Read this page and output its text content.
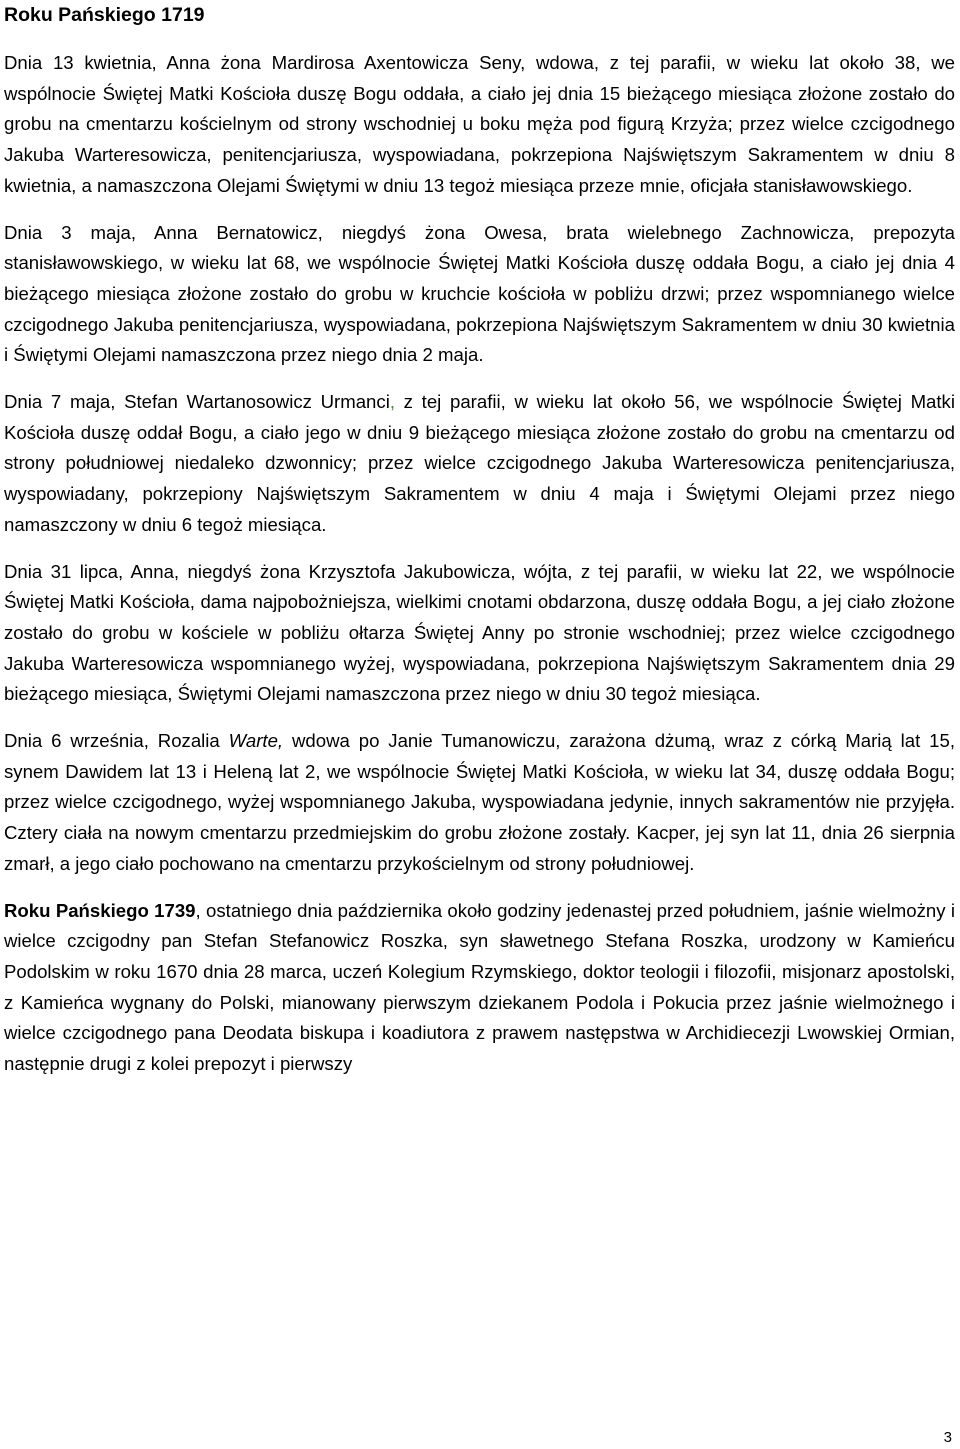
Roku Pańskiego 1719

Dnia 13 kwietnia, Anna żona Mardirosa Axentowicza Seny, wdowa, z tej parafii, w wieku lat około 38, we wspólnocie Świętej Matki Kościoła duszę Bogu oddała, a ciało jej dnia 15 bieżącego miesiąca złożone zostało do grobu na cmentarzu kościelnym od strony wschodniej u boku męża pod figurą Krzyża; przez wielce czcigodnego Jakuba Warteresowicza, penitencjariusza, wyspowiadana, pokrzepiona Najświętszym Sakramentem w dniu 8 kwietnia, a namaszczona Olejami Świętymi w dniu 13 tegoż miesiąca przeze mnie, oficjała stanisławowskiego.

Dnia 3 maja, Anna Bernatowicz, niegdyś żona Owesa, brata wielebnego Zachnowicza, prepozyta stanisławowskiego, w wieku lat 68, we wspólnocie Świętej Matki Kościoła duszę oddała Bogu, a ciało jej dnia 4 bieżącego miesiąca złożone zostało do grobu w kruchcie kościoła w pobliżu drzwi; przez wspomnianego wielce czcigodnego Jakuba penitencjariusza, wyspowiadana, pokrzepiona Najświętszym Sakramentem w dniu 30 kwietnia i Świętymi Olejami namaszczona przez niego dnia 2 maja.

Dnia 7 maja, Stefan Wartanosowicz Urmanci, z tej parafii, w wieku lat około 56, we wspólnocie Świętej Matki Kościoła duszę oddał Bogu, a ciało jego w dniu 9 bieżącego miesiąca złożone zostało do grobu na cmentarzu od strony południowej niedaleko dzwonnicy; przez wielce czcigodnego Jakuba Warteresowicza penitencjariusza, wyspowiadany, pokrzepiony Najświętszym Sakramentem w dniu 4 maja i Świętymi Olejami przez niego namaszczony w dniu 6 tegoż miesiąca.

Dnia 31 lipca, Anna, niegdyś żona Krzysztofa Jakubowicza, wójta, z tej parafii, w wieku lat 22, we wspólnocie Świętej Matki Kościoła, dama najpobożniejsza, wielkimi cnotami obdarzona, duszę oddała Bogu, a jej ciało złożone zostało do grobu w kościele w pobliżu ołtarza Świętej Anny po stronie wschodniej; przez wielce czcigodnego Jakuba Warteresowicza wspomnianego wyżej, wyspowiadana, pokrzepiona Najświętszym Sakramentem dnia 29 bieżącego miesiąca, Świętymi Olejami namaszczona przez niego w dniu 30 tegoż miesiąca.

Dnia 6 września, Rozalia Warte, wdowa po Janie Tumanowiczu, zarażona dżumą, wraz z córką Marią lat 15, synem Dawidem lat 13 i Heleną lat 2, we wspólnocie Świętej Matki Kościoła, w wieku lat 34, duszę oddała Bogu; przez wielce czcigodnego, wyżej wspomnianego Jakuba, wyspowiadana jedynie, innych sakramentów nie przyjęła. Cztery ciała na nowym cmentarzu przedmiejskim do grobu złożone zostały. Kacper, jej syn lat 11, dnia 26 sierpnia zmarł, a jego ciało pochowano na cmentarzu przykościelnym od strony południowej.

Roku Pańskiego 1739, ostatniego dnia października około godziny jedenastej przed południem, jaśnie wielmożny i wielce czcigodny pan Stefan Stefanowicz Roszka, syn sławetnego Stefana Roszka, urodzony w Kamieńcu Podolskim w roku 1670 dnia 28 marca, uczeń Kolegium Rzymskiego, doktor teologii i filozofii, misjonarz apostolski, z Kamieńca wygnany do Polski, mianowany pierwszym dziekanem Podola i Pokucia przez jaśnie wielmożnego i wielce czcigodnego pana Deodata biskupa i koadiutora z prawem następstwa w Archidiecezji Lwowskiej Ormian, następnie drugi z kolei prepozyt i pierwszy

3
